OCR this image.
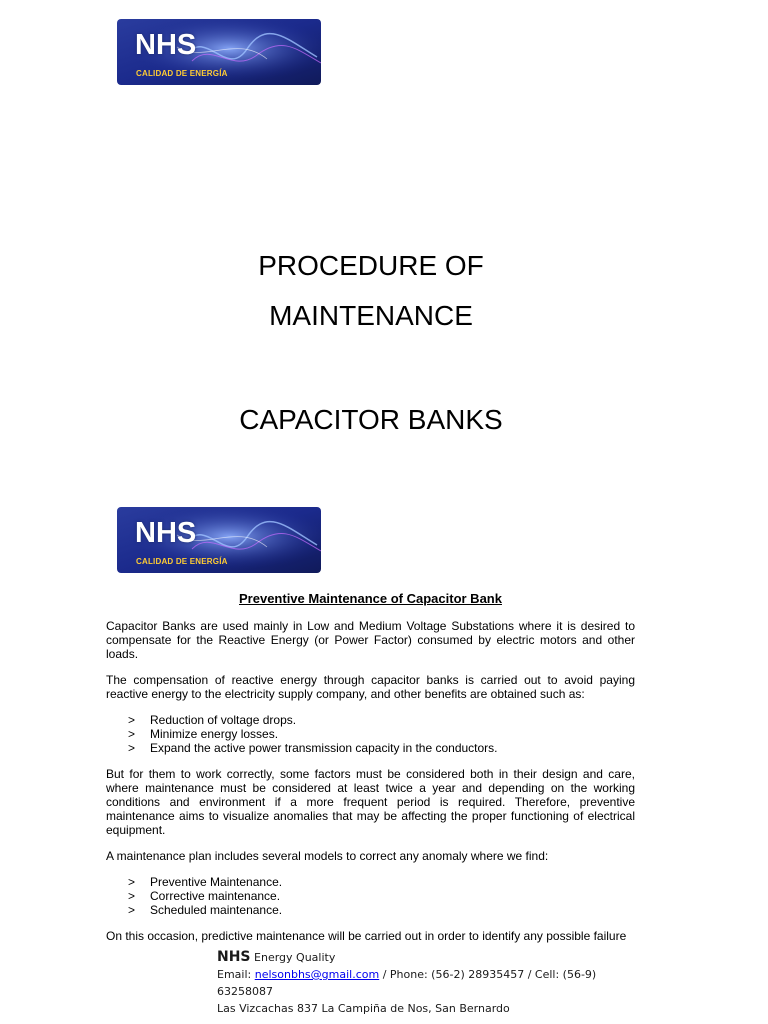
NHS
CALIDAD DE ENERGÍA
PROCEDURE OF
MAINTENANCE
CAPACITOR BANKS
NHS
CALIDAD DE ENERGÍA
Preventive Maintenance of Capacitor Bank

Capacitor Banks are used mainly in Low and Medium Voltage Substations where it is desired to compensate for the Reactive Energy (or Power Factor) consumed by electric motors and other loads.

The compensation of reactive energy through capacitor banks is carried out to avoid paying reactive energy to the electricity supply company, and other benefits are obtained such as:

> Reduction of voltage drops.
> Minimize energy losses.
> Expand the active power transmission capacity in the conductors.

But for them to work correctly, some factors must be considered both in their design and care, where maintenance must be considered at least twice a year and depending on the working conditions and environment if a more frequent period is required. Therefore, preventive maintenance aims to visualize anomalies that may be affecting the proper functioning of electrical equipment.

A maintenance plan includes several models to correct any anomaly where we find:

> Preventive Maintenance.
> Corrective maintenance.
> Scheduled maintenance.

On this occasion, predictive maintenance will be carried out in order to identify any possible failure

NHS Energy Quality
Email: nelsonbhs@gmail.com / Phone: (56-2) 28935457 / Cell: (56-9) 63258087
Las Vizcachas 837 La Campiña de Nos, San Bernardo
